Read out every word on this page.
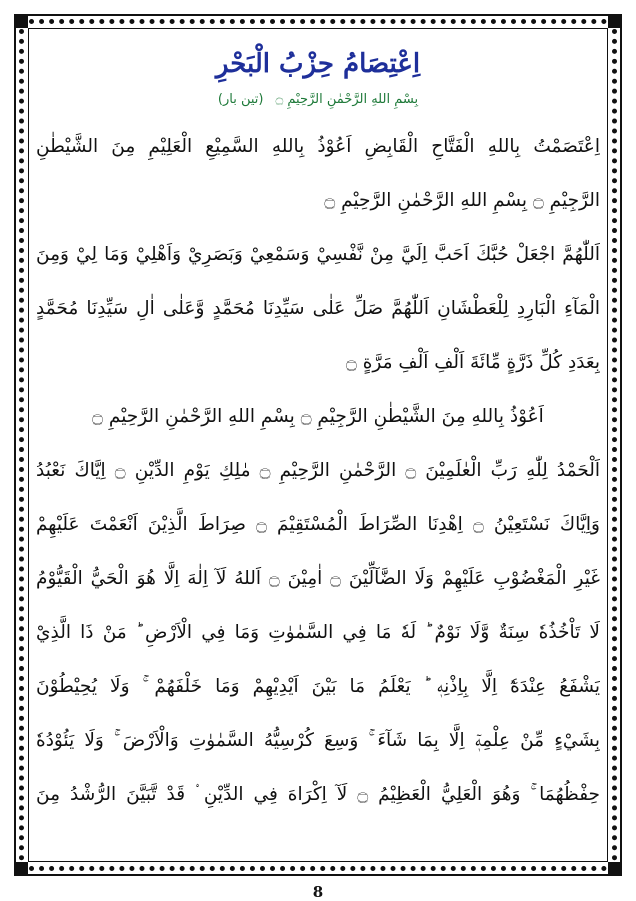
اِعْتِصَامُ حِزْبُ الْبَحْرِ
بِسْمِ اللهِ الرَّحْمٰنِ الرَّحِيْمِ ۝ (تین بار)
اِعْتَصَمْتُ بِاللهِ الْفَتَّاحِ الْقَابِضِ اَعُوْذُ بِاللهِ السَّمِيْعِ الْعَلِيْمِ مِنَ الشَّيْطٰنِ
الرَّجِيْمِ ۝ بِسْمِ اللهِ الرَّحْمٰنِ الرَّحِيْمِ ۝
اَللّٰهُمَّ اجْعَلْ حُبَّكَ اَحَبَّ اِلَيَّ مِنْ نَّفْسِيْ وَسَمْعِيْ وَبَصَرِيْ وَاَهْلِيْ وَمَا لِيْ وَمِنَ
الْمَآءِ الْبَارِدِ لِلْعَطْشَانِ اَللّٰهُمَّ صَلِّ عَلٰى سَيِّدِنَا مُحَمَّدٍ وَّعَلٰى اٰلِ سَيِّدِنَا مُحَمَّدٍ
بِعَدَدِ كُلِّ ذَرَّةٍ مِّائَةَ اَلْفِ اَلْفِ مَرَّةٍ ۝
اَعُوْذُ بِاللهِ مِنَ الشَّيْطٰنِ الرَّجِيْمِ ۝ بِسْمِ اللهِ الرَّحْمٰنِ الرَّحِيْمِ ۝
اَلْحَمْدُ لِلّٰهِ رَبِّ الْعٰلَمِيْنَ ۝ الرَّحْمٰنِ الرَّحِيْمِ ۝ مٰلِكِ يَوْمِ الدِّيْنِ ۝ اِيَّاكَ نَعْبُدُ
وَاِيَّاكَ نَسْتَعِيْنُ ۝ اِهْدِنَا الصِّرَاطَ الْمُسْتَقِيْمَ ۝ صِرَاطَ الَّذِيْنَ اَنْعَمْتَ عَلَيْهِمْ
غَيْرِ الْمَغْضُوْبِ عَلَيْهِمْ وَلَا الضَّآلِّيْنَ ۝ اٰمِيْنَ ۝ اَللهُ لَآ اِلٰهَ اِلَّا هُوَ الْحَيُّ الْقَيُّوْمُ
لَا تَاْخُذُهٗ سِنَةٌ وَّلَا نَوْمٌ ؕ لَهٗ مَا فِي السَّمٰوٰتِ وَمَا فِي الْاَرْضِ ؕ مَنْ ذَا الَّذِيْ
يَشْفَعُ عِنْدَهٗٓ اِلَّا بِاِذْنِهٖ ؕ يَعْلَمُ مَا بَيْنَ اَيْدِيْهِمْ وَمَا خَلْفَهُمْ ۚ وَلَا يُحِيْطُوْنَ
بِشَيْءٍ مِّنْ عِلْمِهٖٓ اِلَّا بِمَا شَآءَ ۚ وَسِعَ كُرْسِيُّهُ السَّمٰوٰتِ وَالْاَرْضَ ۚ وَلَا يَئُوْدُهٗ
حِفْظُهُمَا ۚ وَهُوَ الْعَلِيُّ الْعَظِيْمُ ۝ لَآ اِكْرَاهَ فِي الدِّيْنِ ۟ قَدْ تَّبَيَّنَ الرُّشْدُ مِنَ
8
